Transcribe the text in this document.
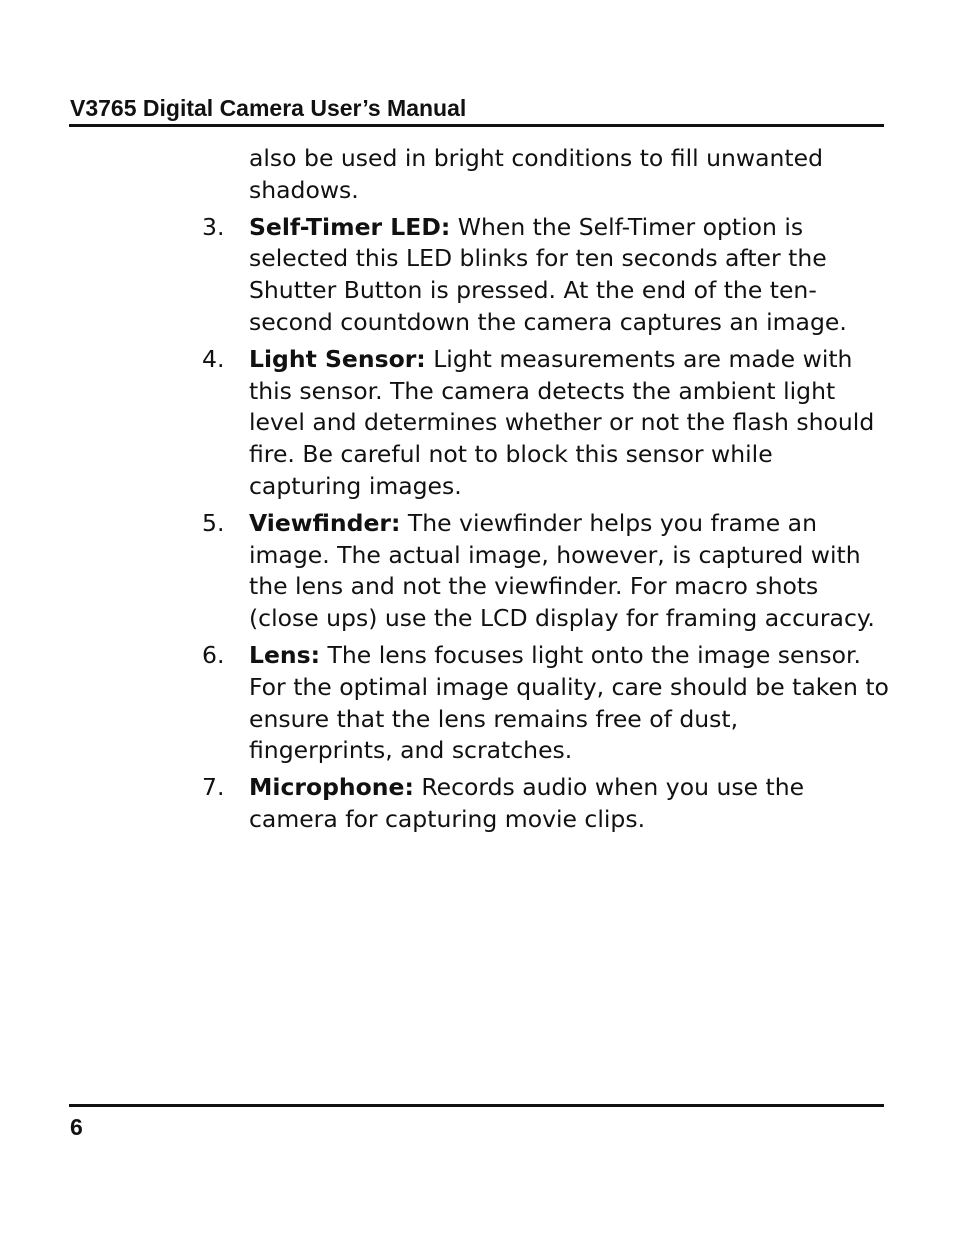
V3765 Digital Camera User’s Manual
also be used in bright conditions to fill unwanted shadows.
3. Self-Timer LED: When the Self-Timer option is selected this LED blinks for ten seconds after the Shutter Button is pressed. At the end of the ten-second countdown the camera captures an image.
4. Light Sensor: Light measurements are made with this sensor. The camera detects the ambient light level and determines whether or not the flash should fire. Be careful not to block this sensor while capturing images.
5. Viewfinder: The viewfinder helps you frame an image. The actual image, however, is captured with the lens and not the viewfinder. For macro shots (close ups) use the LCD display for framing accuracy.
6. Lens: The lens focuses light onto the image sensor. For the optimal image quality, care should be taken to ensure that the lens remains free of dust, fingerprints, and scratches.
7. Microphone: Records audio when you use the camera for capturing movie clips.
6
